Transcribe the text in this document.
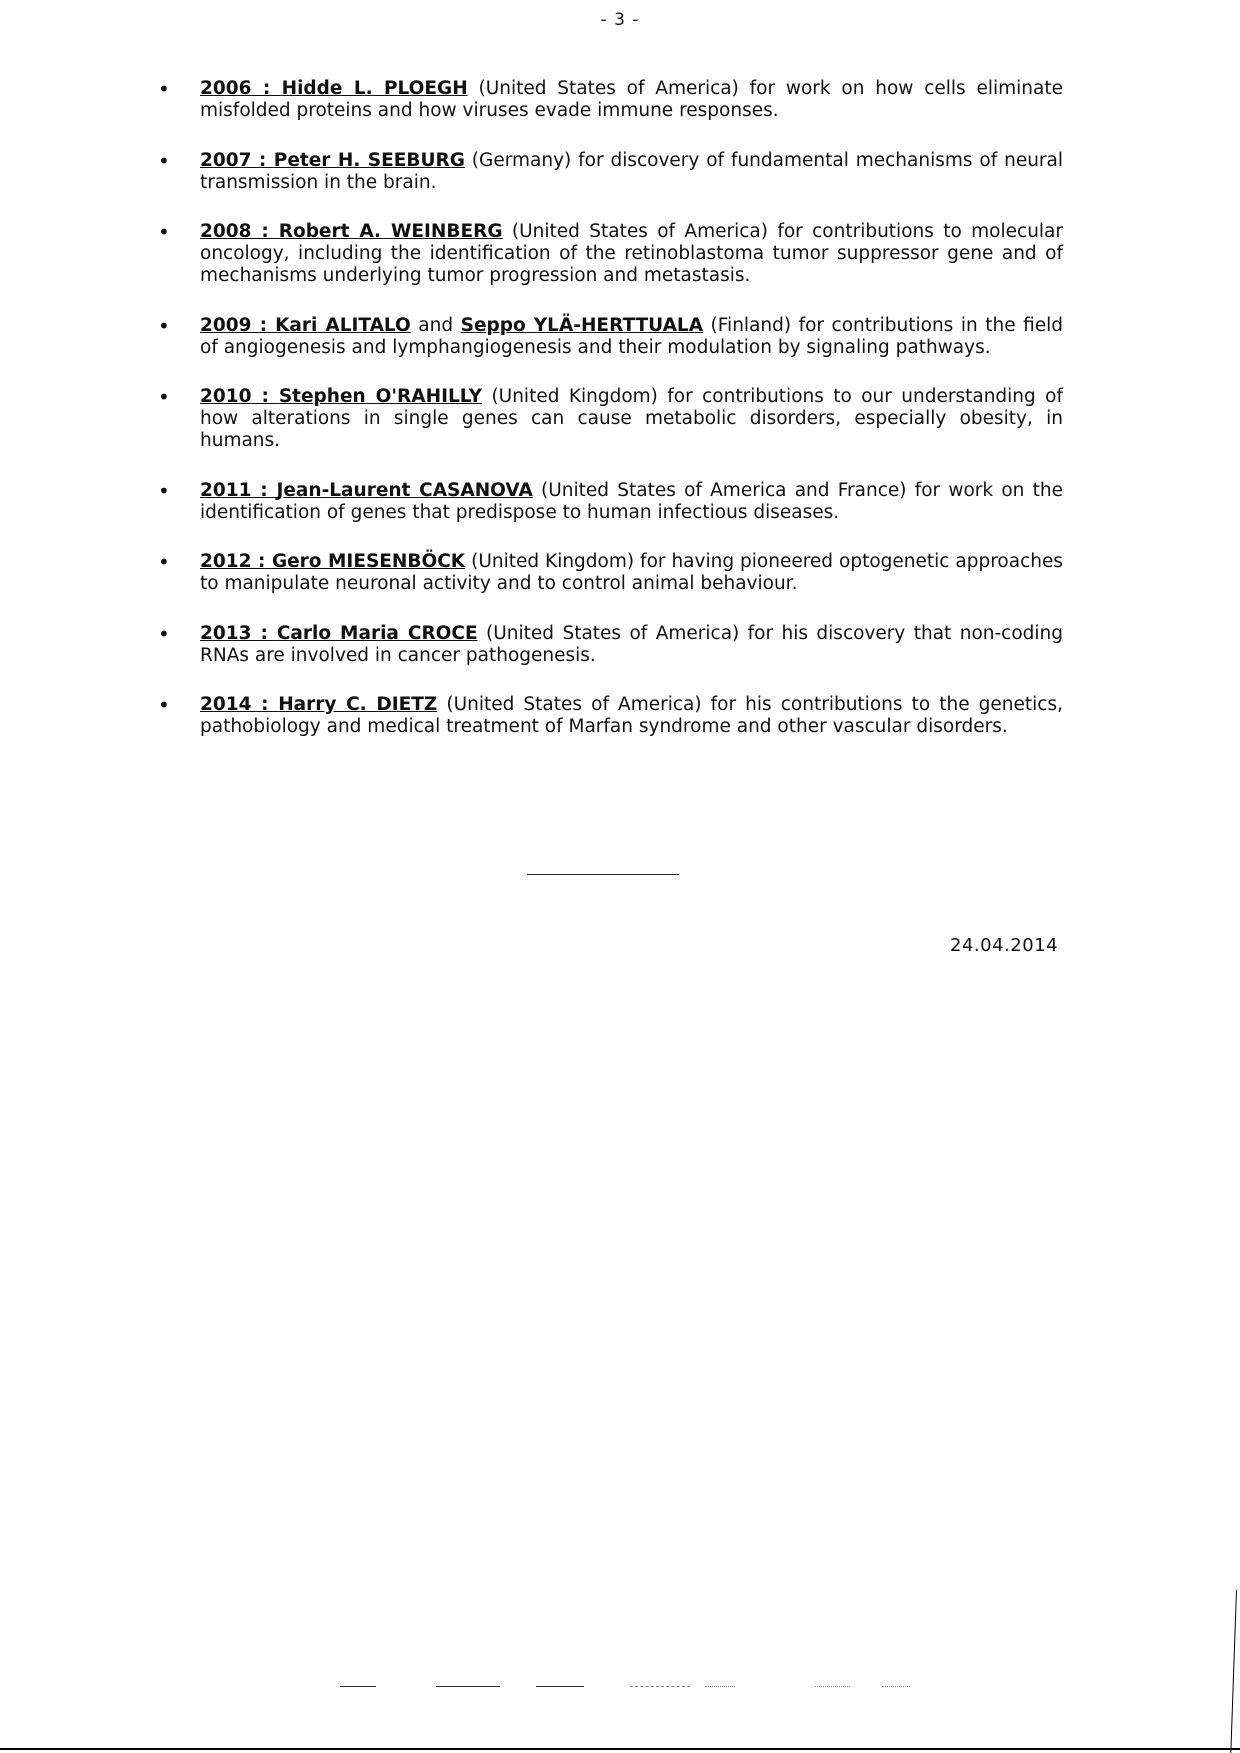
- 3 -
• 2006 : Hidde L. PLOEGH (United States of America) for work on how cells eliminate misfolded proteins and how viruses evade immune responses.
• 2007 : Peter H. SEEBURG (Germany) for discovery of fundamental mechanisms of neural transmission in the brain.
• 2008 : Robert A. WEINBERG (United States of America) for contributions to molecular oncology, including the identification of the retinoblastoma tumor suppressor gene and of mechanisms underlying tumor progression and metastasis.
• 2009 : Kari ALITALO and Seppo YLÄ-HERTTUALA (Finland) for contributions in the field of angiogenesis and lymphangiogenesis and their modulation by signaling pathways.
• 2010 : Stephen O'RAHILLY (United Kingdom) for contributions to our understanding of how alterations in single genes can cause metabolic disorders, especially obesity, in humans.
• 2011 : Jean-Laurent CASANOVA (United States of America and France) for work on the identification of genes that predispose to human infectious diseases.
• 2012 : Gero MIESENBÖCK (United Kingdom) for having pioneered optogenetic approaches to manipulate neuronal activity and to control animal behaviour.
• 2013 : Carlo Maria CROCE (United States of America) for his discovery that non-coding RNAs are involved in cancer pathogenesis.
• 2014 : Harry C. DIETZ (United States of America) for his contributions to the genetics, pathobiology and medical treatment of Marfan syndrome and other vascular disorders.
24.04.2014
